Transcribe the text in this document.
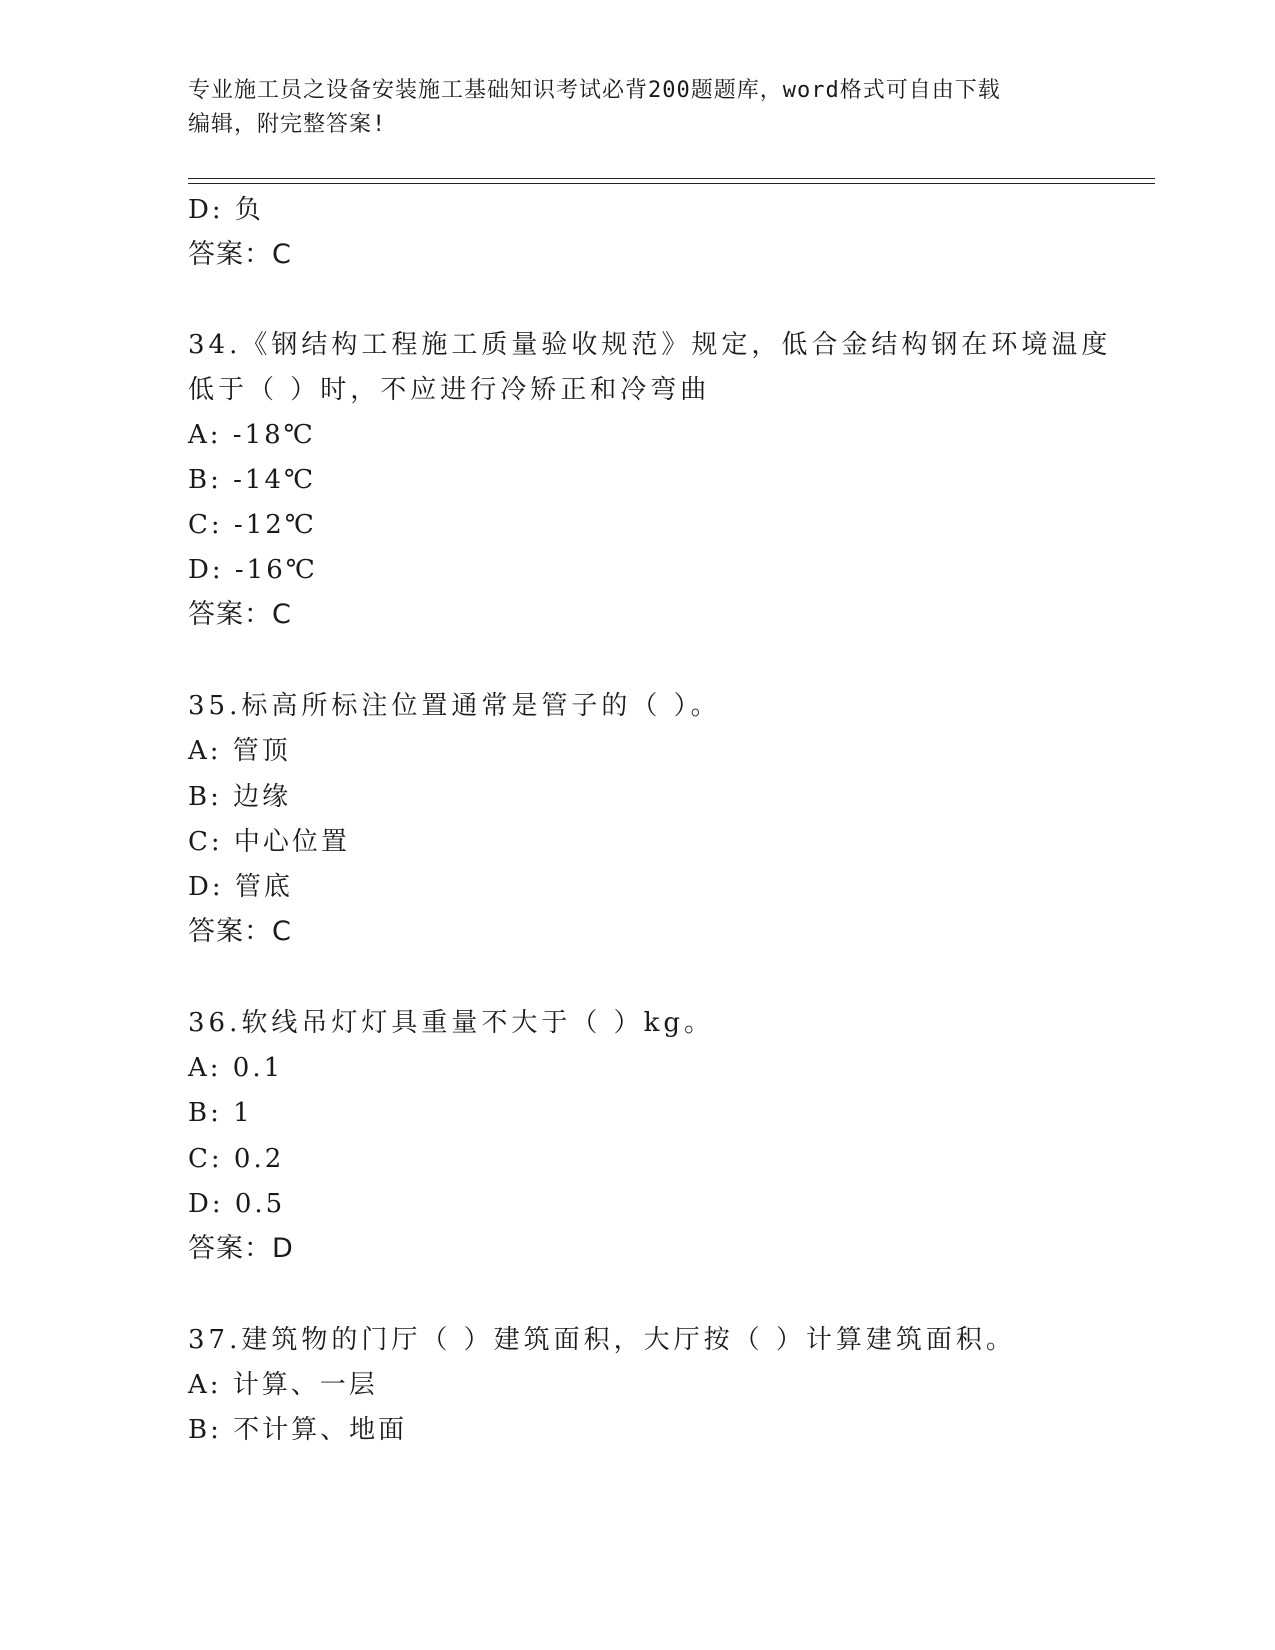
专业施工员之设备安装施工基础知识考试必背200题题库，word格式可自由下载
编辑，附完整答案!
D: 负
答案：C
34.《钢结构工程施工质量验收规范》规定，低合金结构钢在环境温度
低于（ ）时，不应进行冷矫正和冷弯曲
A: -18℃
B: -14℃
C: -12℃
D: -16℃
答案：C
35.标高所标注位置通常是管子的（ ）。
A: 管顶
B: 边缘
C: 中心位置
D: 管底
答案：C
36.软线吊灯灯具重量不大于（ ）kg。
A: 0.1
B: 1
C: 0.2
D: 0.5
答案：D
37.建筑物的门厅（ ）建筑面积，大厅按（ ）计算建筑面积。
A: 计算、一层
B: 不计算、地面
